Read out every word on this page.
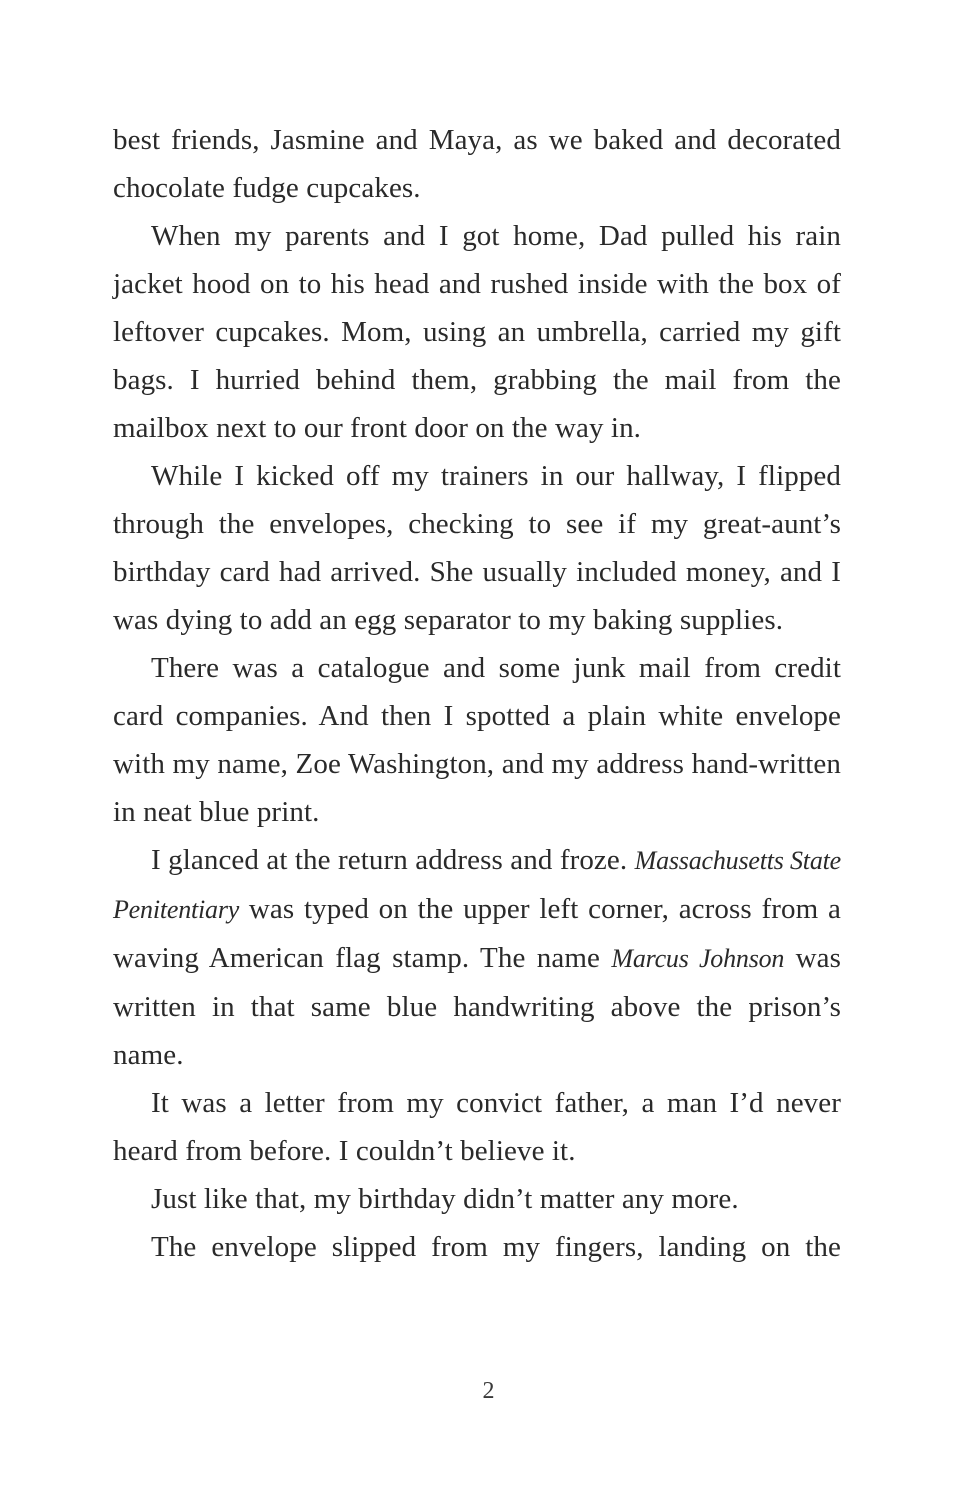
best friends, Jasmine and Maya, as we baked and decorated chocolate fudge cupcakes.

When my parents and I got home, Dad pulled his rain jacket hood on to his head and rushed inside with the box of leftover cupcakes. Mom, using an umbrella, carried my gift bags. I hurried behind them, grabbing the mail from the mailbox next to our front door on the way in.

While I kicked off my trainers in our hallway, I flipped through the envelopes, checking to see if my great-aunt’s birthday card had arrived. She usually included money, and I was dying to add an egg separator to my baking supplies.

There was a catalogue and some junk mail from credit card companies. And then I spotted a plain white envelope with my name, Zoe Washington, and my address hand-written in neat blue print.

I glanced at the return address and froze. Massachusetts State Penitentiary was typed on the upper left corner, across from a waving American flag stamp. The name Marcus Johnson was written in that same blue handwriting above the prison’s name.

It was a letter from my convict father, a man I’d never heard from before. I couldn’t believe it.

Just like that, my birthday didn’t matter any more.

The envelope slipped from my fingers, landing on the

2
